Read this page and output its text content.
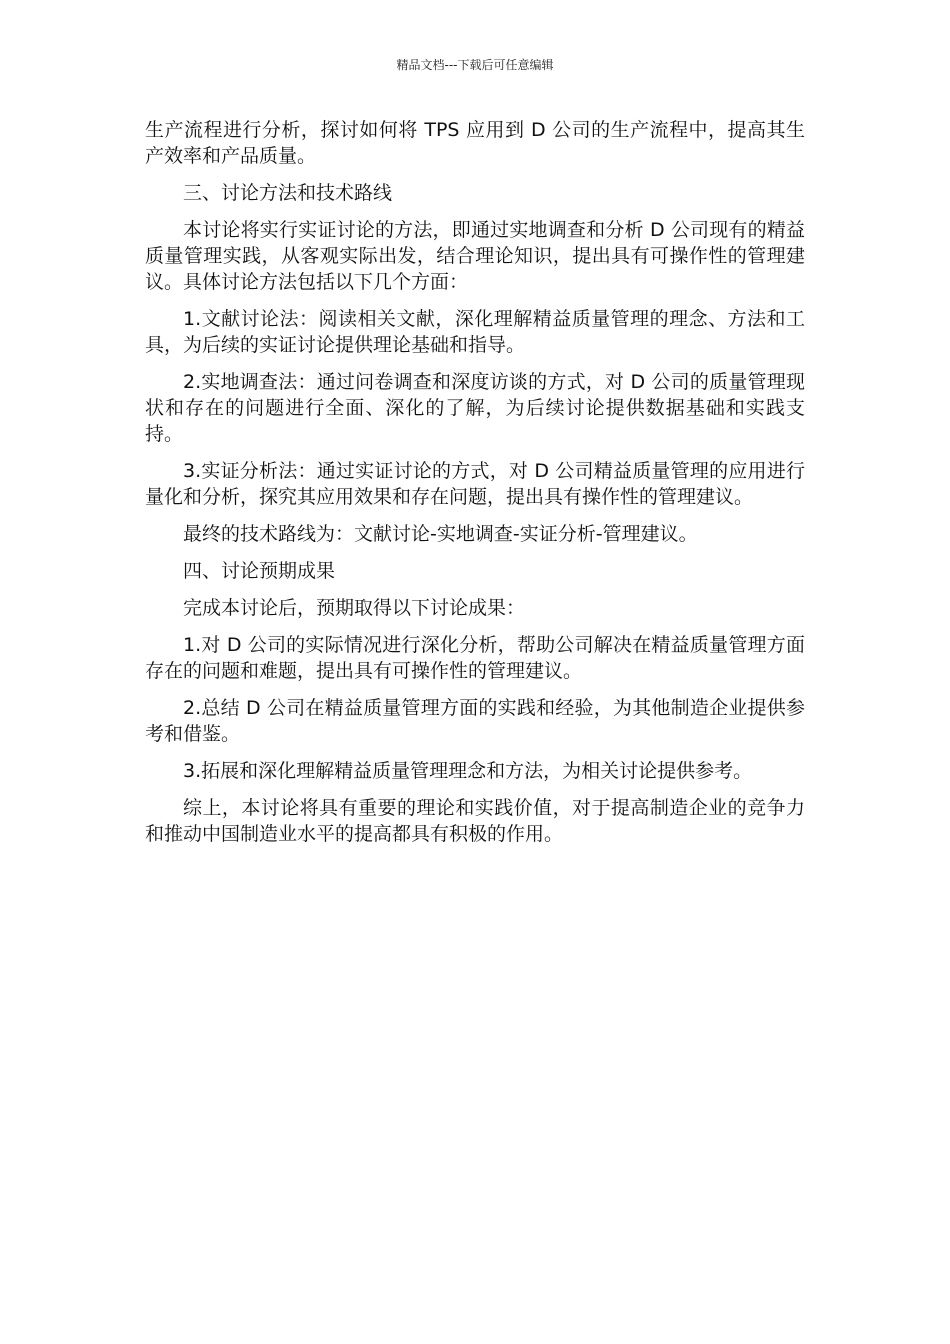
精品文档---下载后可任意编辑

生产流程进行分析，探讨如何将 TPS 应用到 D 公司的生产流程中，提高其生产效率和产品质量。

三、讨论方法和技术路线

本讨论将实行实证讨论的方法，即通过实地调查和分析 D 公司现有的精益质量管理实践，从客观实际出发，结合理论知识，提出具有可操作性的管理建议。具体讨论方法包括以下几个方面：

1.文献讨论法：阅读相关文献，深化理解精益质量管理的理念、方法和工具，为后续的实证讨论提供理论基础和指导。

2.实地调查法：通过问卷调查和深度访谈的方式，对 D 公司的质量管理现状和存在的问题进行全面、深化的了解，为后续讨论提供数据基础和实践支持。

3.实证分析法：通过实证讨论的方式，对 D 公司精益质量管理的应用进行量化和分析，探究其应用效果和存在问题，提出具有操作性的管理建议。

最终的技术路线为：文献讨论-实地调查-实证分析-管理建议。

四、讨论预期成果

完成本讨论后，预期取得以下讨论成果：

1.对 D 公司的实际情况进行深化分析，帮助公司解决在精益质量管理方面存在的问题和难题，提出具有可操作性的管理建议。

2.总结 D 公司在精益质量管理方面的实践和经验，为其他制造企业提供参考和借鉴。

3.拓展和深化理解精益质量管理理念和方法，为相关讨论提供参考。

综上，本讨论将具有重要的理论和实践价值，对于提高制造企业的竞争力和推动中国制造业水平的提高都具有积极的作用。
